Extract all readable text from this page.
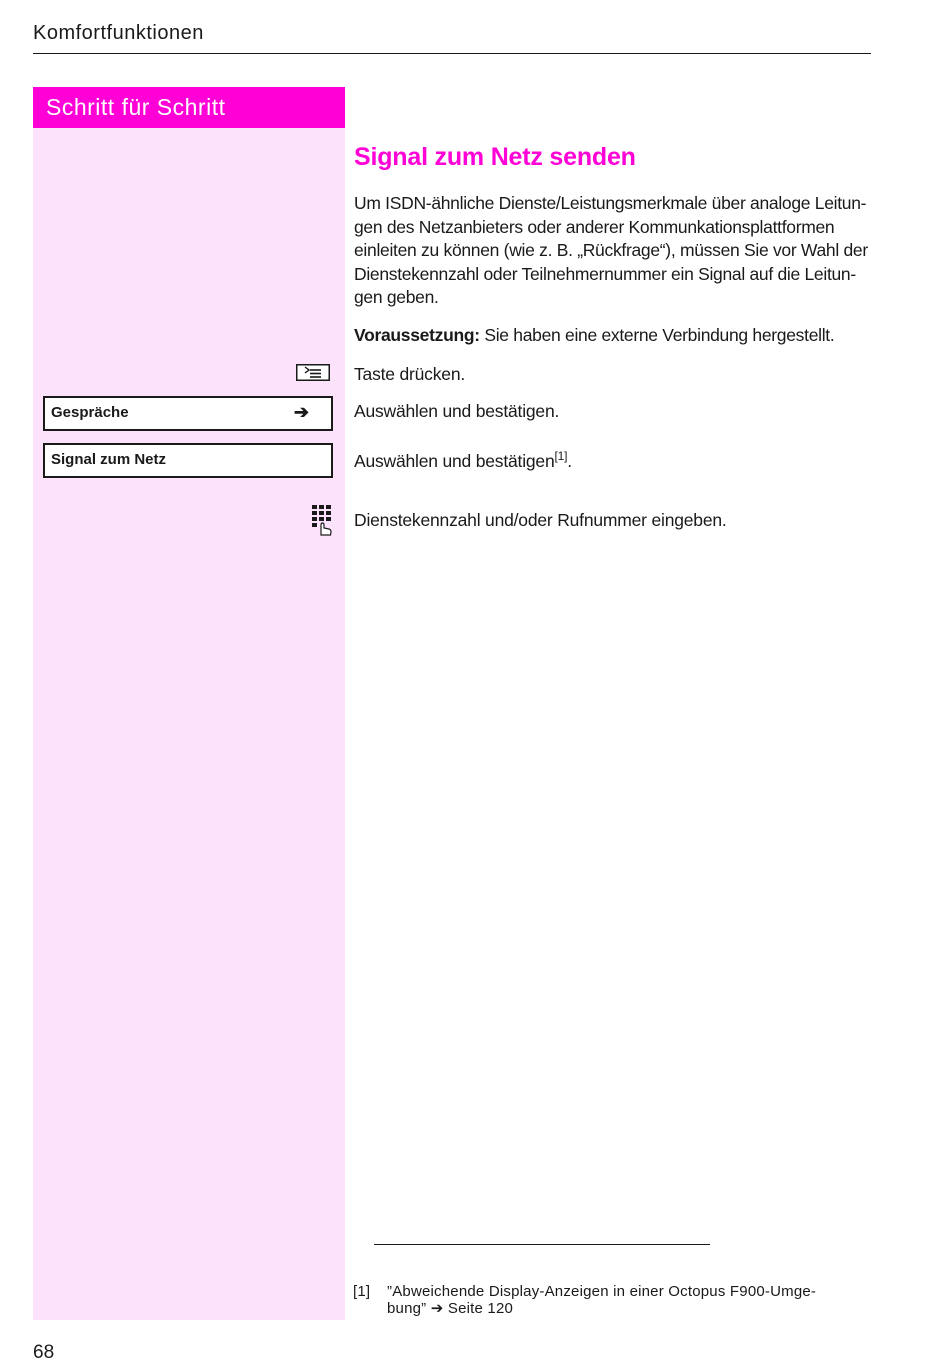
Komfortfunktionen
Schritt für Schritt
Gespräche	➔
Signal zum Netz
Signal zum Netz senden
Um ISDN-ähnliche Dienste/Leistungsmerkmale über analoge Leitun-
gen des Netzanbieters oder anderer Kommunkationsplattformen
einleiten zu können (wie z. B. „Rückfrage“), müssen Sie vor Wahl der
Dienstekennzahl oder Teilnehmernummer ein Signal auf die Leitun-
gen geben.
Voraussetzung: Sie haben eine externe Verbindung hergestellt.
Taste drücken.
Auswählen und bestätigen.
Auswählen und bestätigen[1].
Dienstekennzahl und/oder Rufnummer eingeben.
[1] ”Abweichende Display-Anzeigen in einer Octopus F900-Umge-
bung” ➔ Seite 120
68
